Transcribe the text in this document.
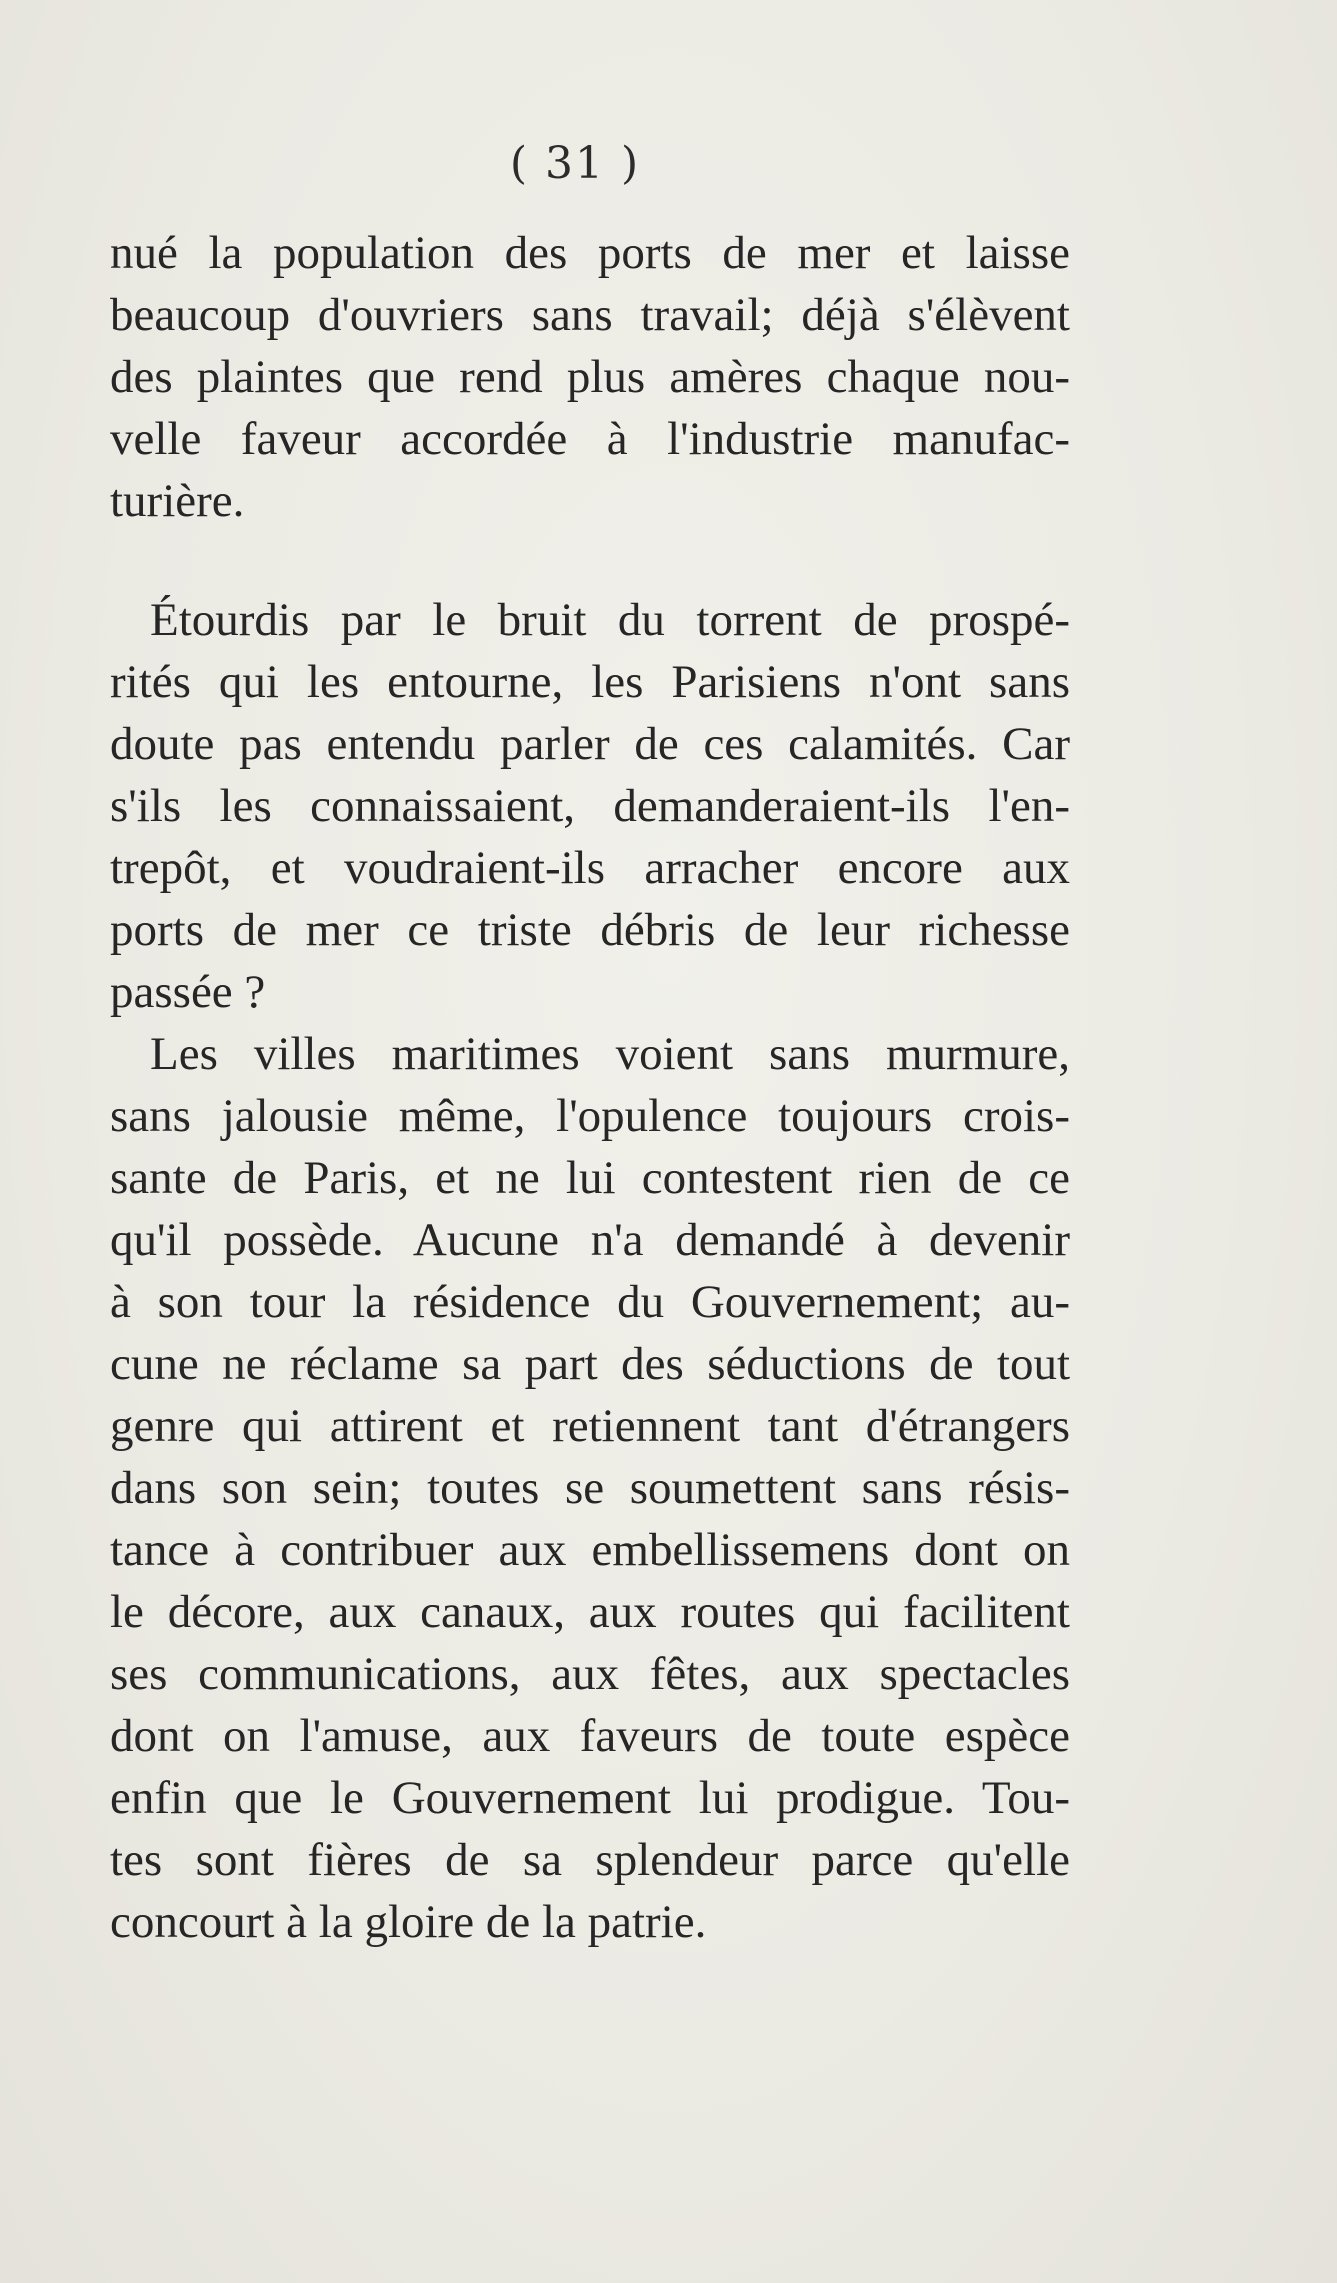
( 31 )
nué la population des ports de mer et laisse
beaucoup d'ouvriers sans travail; déjà s'élèvent
des plaintes que rend plus amères chaque nou-
velle faveur accordée à l'industrie manufac-
turière.
Étourdis par le bruit du torrent de prospé-
rités qui les entourne, les Parisiens n'ont sans
doute pas entendu parler de ces calamités. Car
s'ils les connaissaient, demanderaient-ils l'en-
trepôt, et voudraient-ils arracher encore aux
ports de mer ce triste débris de leur richesse
passée ?
Les villes maritimes voient sans murmure,
sans jalousie même, l'opulence toujours crois-
sante de Paris, et ne lui contestent rien de ce
qu'il possède. Aucune n'a demandé à devenir
à son tour la résidence du Gouvernement; au-
cune ne réclame sa part des séductions de tout
genre qui attirent et retiennent tant d'étrangers
dans son sein; toutes se soumettent sans résis-
tance à contribuer aux embellissemens dont on
le décore, aux canaux, aux routes qui facilitent
ses communications, aux fêtes, aux spectacles
dont on l'amuse, aux faveurs de toute espèce
enfin que le Gouvernement lui prodigue. Tou-
tes sont fières de sa splendeur parce qu'elle
concourt à la gloire de la patrie.
